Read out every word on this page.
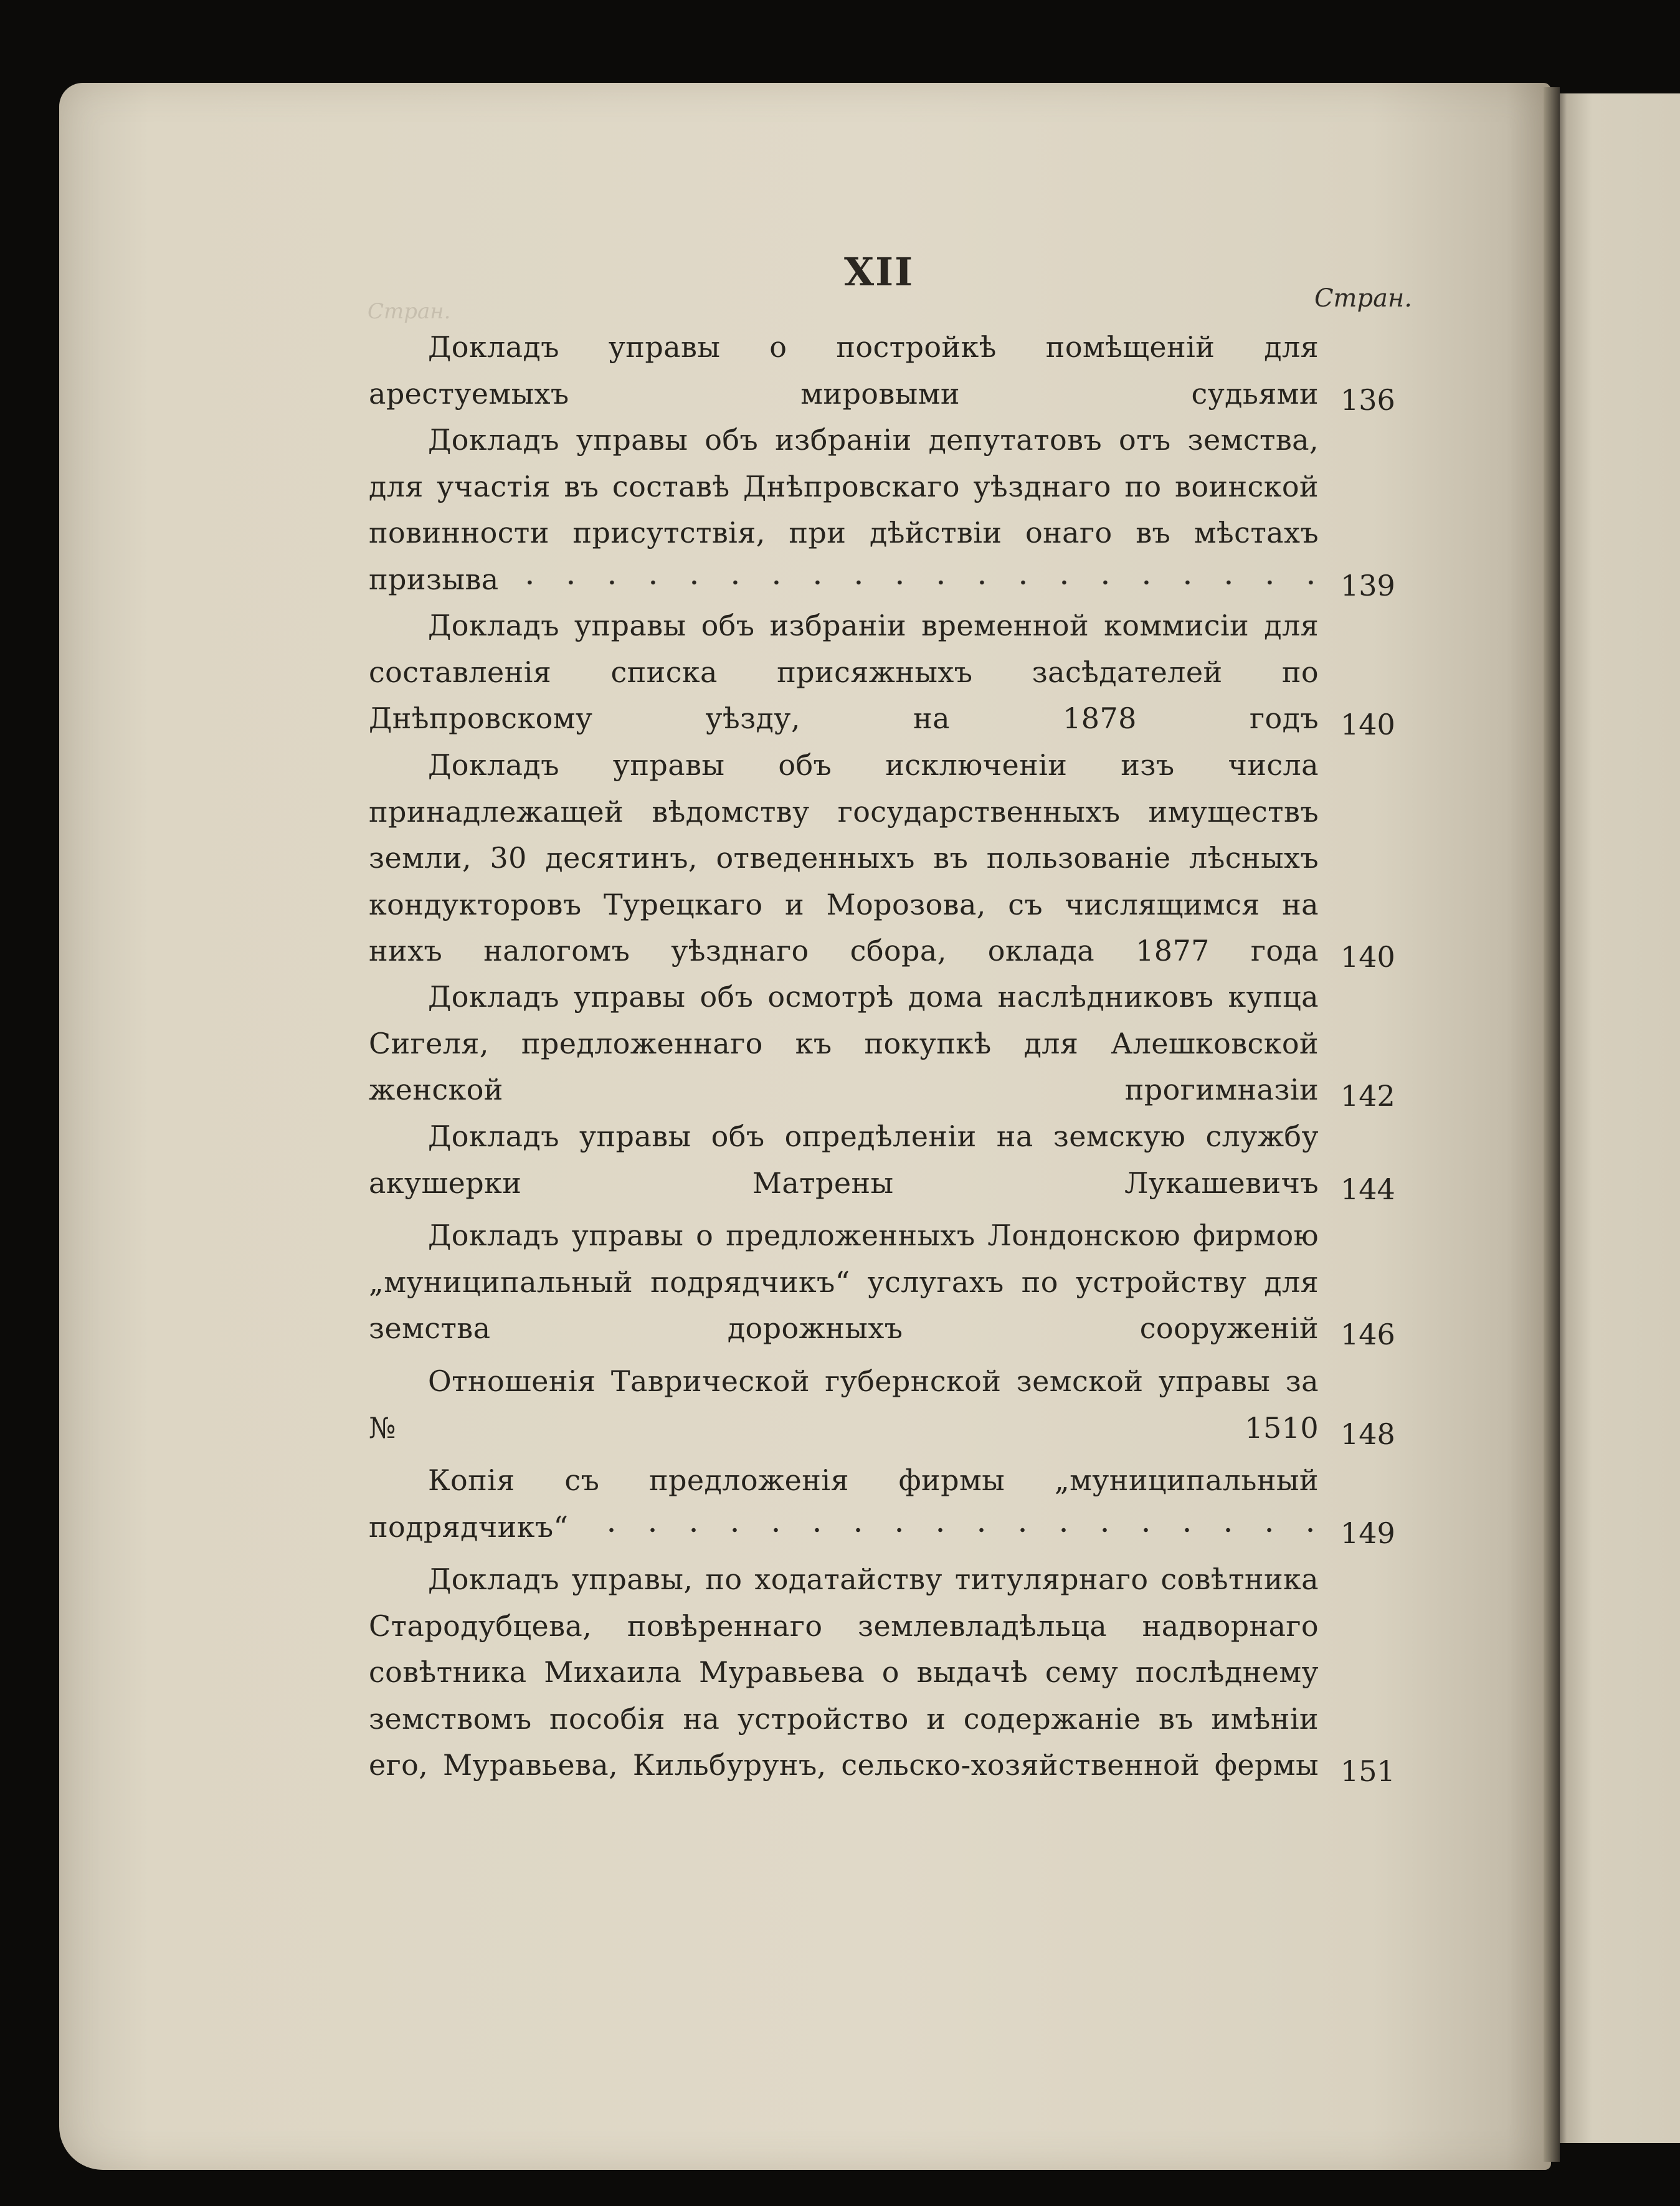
XII
Стран.	Стран.
Докладъ управы о постройкѣ помѣщеній для арестуемыхъ мировыми судьями 136
Докладъ управы объ избраніи депутатовъ отъ земства, для участія въ составѣ Днѣпровскаго уѣзднаго по воинской повинности присутствія, при дѣйствіи онаго въ мѣстахъ призыва	139
Докладъ управы объ избраніи временной коммисіи для составленія списка присяжныхъ засѣдателей по Днѣпровскому уѣзду, на 1878 годъ 140
Докладъ управы объ исключеніи изъ числа принадлежащей вѣдомству государственныхъ имуществъ земли, 30 десятинъ, отведенныхъ въ пользованіе лѣсныхъ кондукторовъ Турецкаго и Морозова, съ числящимся на нихъ налогомъ уѣзднаго сбора, оклада 1877 года 140
Докладъ управы объ осмотрѣ дома наслѣдниковъ купца Сигеля, предложеннаго къ покупкѣ для Алешковской женской прогимназіи 142
Докладъ управы объ опредѣленіи на земскую службу акушерки Матрены Лукашевичъ 144
Докладъ управы о предложенныхъ Лондонскою фирмою „муниципальный подрядчикъ“ услугахъ по устройству для земства дорожныхъ сооруженій 146
Отношенія Таврической губернской земской управы за № 1510 148
Копія съ предложенія фирмы „муниципальный подрядчикъ“	149
Докладъ управы, по ходатайству титулярнаго совѣтника Стародубцева, повѣреннаго землевладѣльца надворнаго совѣтника Михаила Муравьева о выдачѣ сему послѣднему земствомъ пособія на устройство и содержаніе въ имѣніи его, Муравьева, Кильбурунъ, сельско-хозяйственной фермы 151
